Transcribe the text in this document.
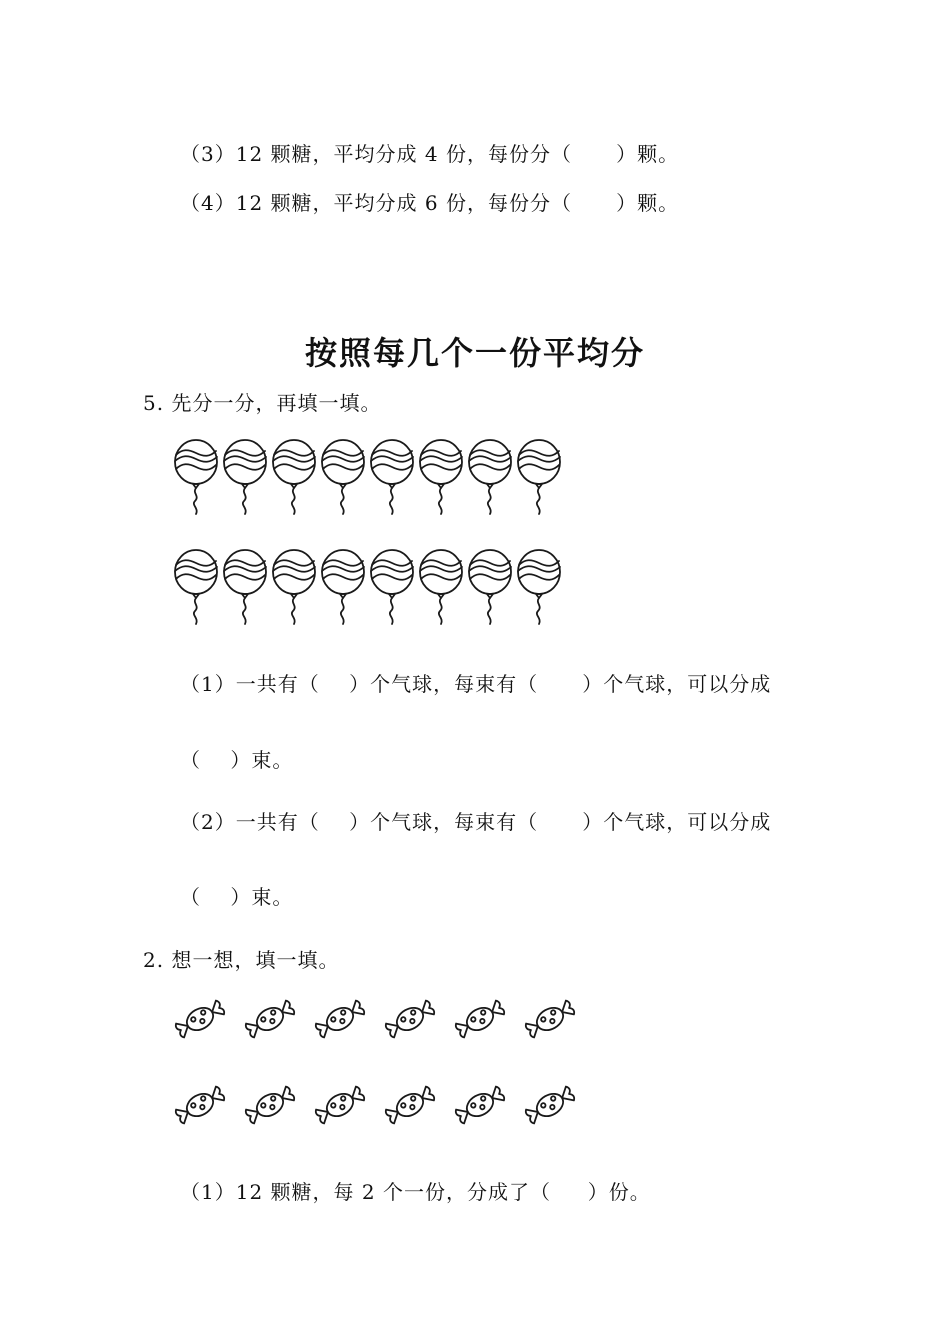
（3）12 颗糖，平均分成 4 份，每份分（      ）颗。
（4）12 颗糖，平均分成 6 份，每份分（      ）颗。
按照每几个一份平均分
5. 先分一分，再填一填。
（1）一共有（    ）个气球，每束有（      ）个气球，可以分成
（    ）束。
（2）一共有（    ）个气球，每束有（      ）个气球，可以分成
（    ）束。
2. 想一想，填一填。
（1）12 颗糖，每 2 个一份，分成了（     ）份。
